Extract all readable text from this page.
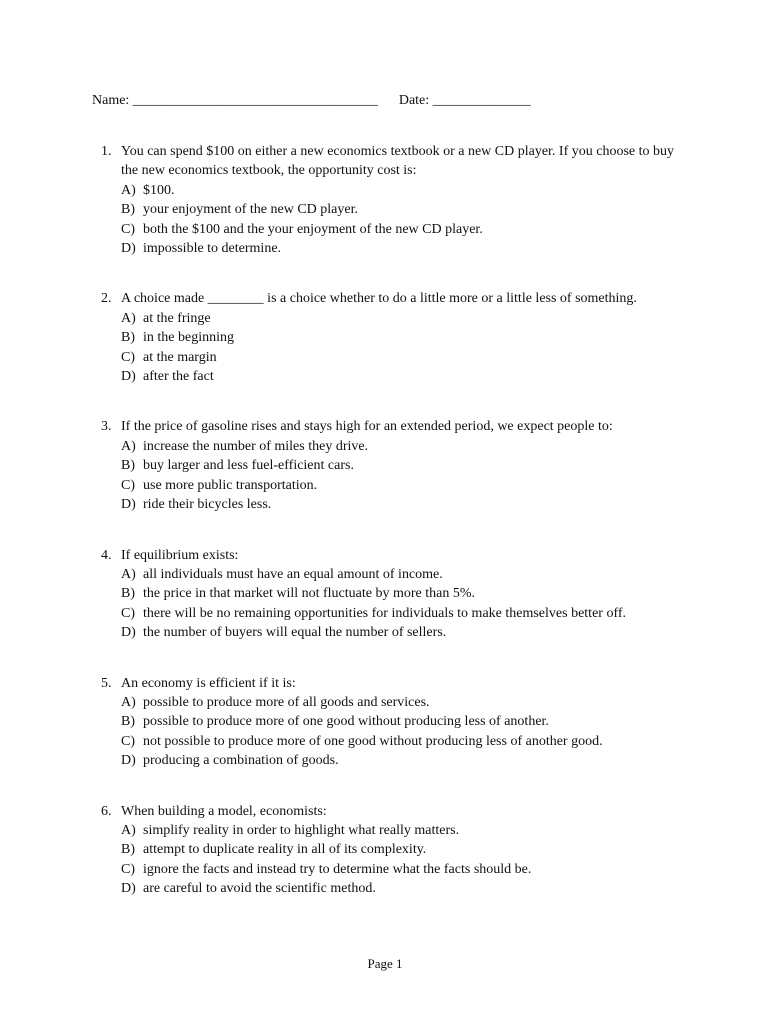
Name: ___________________________________ Date: ______________
1. You can spend $100 on either a new economics textbook or a new CD player. If you choose to buy the new economics textbook, the opportunity cost is:
A) $100.
B) your enjoyment of the new CD player.
C) both the $100 and the your enjoyment of the new CD player.
D) impossible to determine.
2. A choice made ________ is a choice whether to do a little more or a little less of something.
A) at the fringe
B) in the beginning
C) at the margin
D) after the fact
3. If the price of gasoline rises and stays high for an extended period, we expect people to:
A) increase the number of miles they drive.
B) buy larger and less fuel-efficient cars.
C) use more public transportation.
D) ride their bicycles less.
4. If equilibrium exists:
A) all individuals must have an equal amount of income.
B) the price in that market will not fluctuate by more than 5%.
C) there will be no remaining opportunities for individuals to make themselves better off.
D) the number of buyers will equal the number of sellers.
5. An economy is efficient if it is:
A) possible to produce more of all goods and services.
B) possible to produce more of one good without producing less of another.
C) not possible to produce more of one good without producing less of another good.
D) producing a combination of goods.
6. When building a model, economists:
A) simplify reality in order to highlight what really matters.
B) attempt to duplicate reality in all of its complexity.
C) ignore the facts and instead try to determine what the facts should be.
D) are careful to avoid the scientific method.
Page 1
